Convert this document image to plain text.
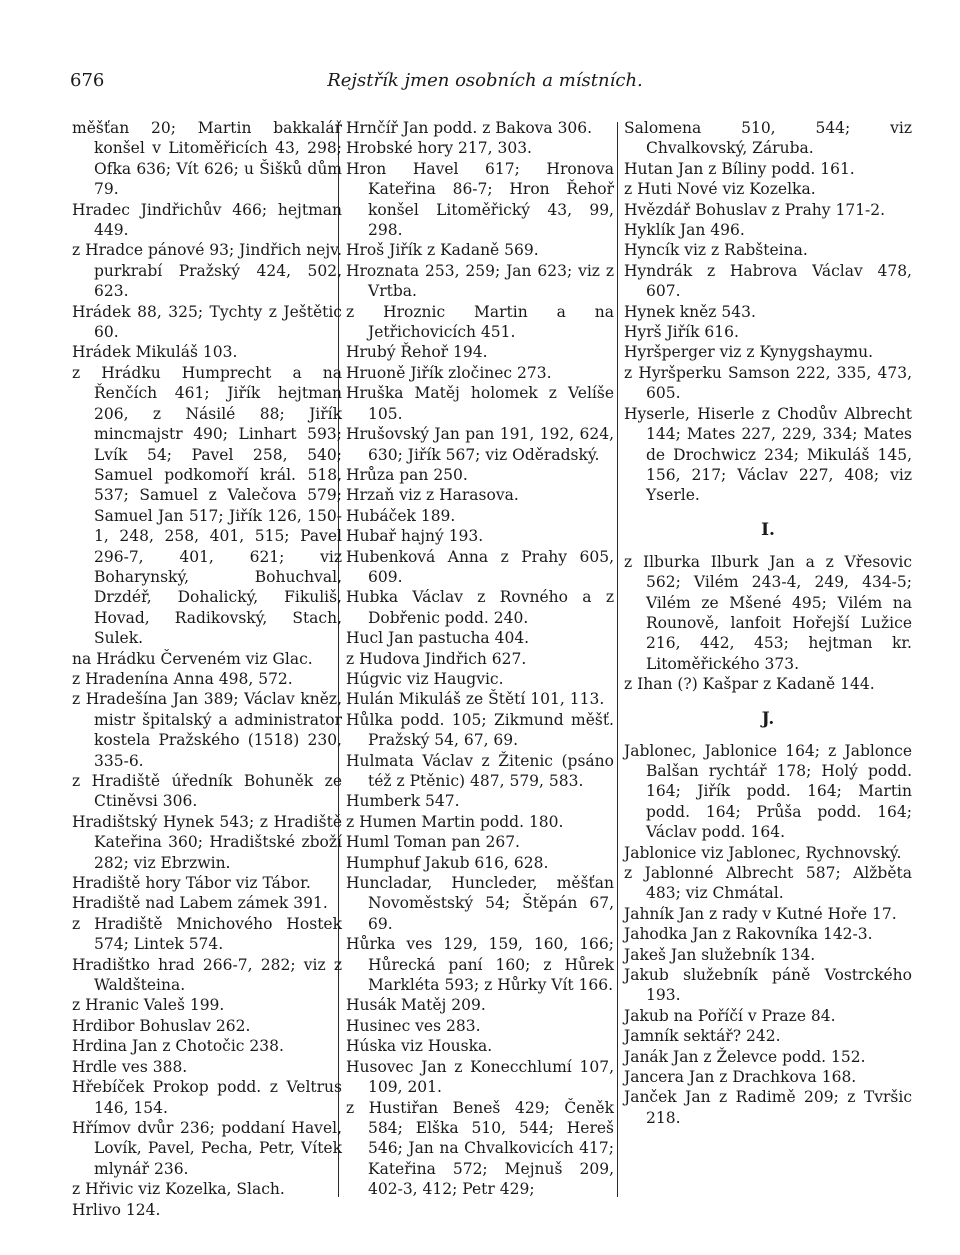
676	Rejstřík jmen osobních a místních.

měšťan 20; Martin bakkalář konšel v Litoměřicích 43, 298; Ofka 636; Vít 626; u Šišků dům 79.

Hradec Jindřichův 466; hejtman 449.

z Hradce pánové 93; Jindřich nejv. purkrabí Pražský 424, 502, 623.

Hrádek 88, 325; Tychty z Ještětic 60.

Hrádek Mikuláš 103.

z Hrádku Humprecht a na Řenčích 461; Jiřík hejtman 206, z Násilé 88; Jiřík mincmajstr 490; Linhart 593; Lvík 54; Pavel 258, 540; Samuel podkomoří král. 518, 537; Samuel z Valečova 579; Samuel Jan 517; Jiřík 126, 150-1, 248, 258, 401, 515; Pavel 296-7, 401, 621; viz Boharynský, Bohuchval, Drzdéř, Dohalický, Fikuliš, Hovad, Radikovský, Stach, Sulek.

na Hrádku Červeném viz Glac.

z Hradenína Anna 498, 572.

z Hradešína Jan 389; Václav kněz, mistr špitalský a administrator kostela Pražského (1518) 230, 335-6.

z Hradiště úředník Bohuněk ze Ctiněvsi 306.

Hradištský Hynek 543; z Hradiště Kateřina 360; Hradištské zboží 282; viz Ebrzwin.

Hradiště hory Tábor viz Tábor.

Hradiště nad Labem zámek 391.

z Hradiště Mnichového Hostek 574; Lintek 574.

Hradištko hrad 266-7, 282; viz z Waldšteina.

z Hranic Valeš 199.

Hrdibor Bohuslav 262.

Hrdina Jan z Chotočic 238.

Hrdle ves 388.

Hřebíček Prokop podd. z Veltrus 146, 154.

Hřímov dvůr 236; poddaní Havel, Lovík, Pavel, Pecha, Petr, Vítek mlynář 236.

z Hřivic viz Kozelka, Slach.

Hrlivo 124.

Hrnčíř Jan podd. z Bakova 306.

Hrobské hory 217, 303.

Hron Havel 617; Hronova Kateřina 86-7; Hron Řehoř konšel Litoměřický 43, 99, 298.

Hroš Jiřík z Kadaně 569.

Hroznata 253, 259; Jan 623; viz z Vrtba.

z Hroznic Martin a na Jetřichovicích 451.

Hrubý Řehoř 194.

Hruoně Jiřík zločinec 273.

Hruška Matěj holomek z Velíše 105.

Hrušovský Jan pan 191, 192, 624, 630; Jiřík 567; viz Oděradský.

Hrůza pan 250.

Hrzaň viz z Harasova.

Hubáček 189.

Hubař hajný 193.

Hubenková Anna z Prahy 605, 609.

Hubka Václav z Rovného a z Dobřenic podd. 240.

Hucl Jan pastucha 404.

z Hudova Jindřich 627.

Húgvic viz Haugvic.

Hulán Mikuláš ze Štětí 101, 113.

Hůlka podd. 105; Zikmund měšť. Pražský 54, 67, 69.

Hulmata Václav z Žitenic (psáno též z Ptěnic) 487, 579, 583.

Humberk 547.

z Humen Martin podd. 180.

Huml Toman pan 267.

Humphuf Jakub 616, 628.

Huncladar, Huncleder, měšťan Novoměstský 54; Štěpán 67, 69.

Hůrka ves 129, 159, 160, 166; Hůrecká paní 160; z Hůrek Markléta 593; z Hůrky Vít 166.

Husák Matěj 209.

Husinec ves 283.

Húska viz Houska.

Husovec Jan z Konecchlumí 107, 109, 201.

z Hustiřan Beneš 429; Čeněk 584; Elška 510, 544; Hereš 546; Jan na Chvalkovicích 417; Kateřina 572; Mejnuš 209, 402-3, 412; Petr 429;

Salomena 510, 544; viz Chvalkovský, Záruba.

Hutan Jan z Bíliny podd. 161.

z Huti Nové viz Kozelka.

Hvězdář Bohuslav z Prahy 171-2.

Hyklík Jan 496.

Hyncík viz z Rabšteina.

Hyndrák z Habrova Václav 478, 607.

Hynek kněz 543.

Hyrš Jiřík 616.

Hyršperger viz z Kynygshaymu.

z Hyršperku Samson 222, 335, 473, 605.

Hyserle, Hiserle z Chodův Albrecht 144; Mates 227, 229, 334; Mates de Drochwicz 234; Mikuláš 145, 156, 217; Václav 227, 408; viz Yserle.

I.

z Ilburka Ilburk Jan a z Vřesovic 562; Vilém 243-4, 249, 434-5; Vilém ze Mšené 495; Vilém na Rounově, lanfoit Hořejší Lužice 216, 442, 453; hejtman kr. Litoměřického 373.

z Ihan (?) Kašpar z Kadaně 144.

J.

Jablonec, Jablonice 164; z Jablonce Balšan rychtář 178; Holý podd. 164; Jiřík podd. 164; Martin podd. 164; Průša podd. 164; Václav podd. 164.

Jablonice viz Jablonec, Rychnovský.

z Jablonné Albrecht 587; Alžběta 483; viz Chmátal.

Jahník Jan z rady v Kutné Hoře 17.

Jahodka Jan z Rakovníka 142-3.

Jakeš Jan služebník 134.

Jakub služebník páně Vostrckého 193.

Jakub na Poříčí v Praze 84.

Jamník sektář? 242.

Janák Jan z Želevce podd. 152.

Jancera Jan z Drachkova 168.

Janček Jan z Radimě 209; z Tvršic 218.
